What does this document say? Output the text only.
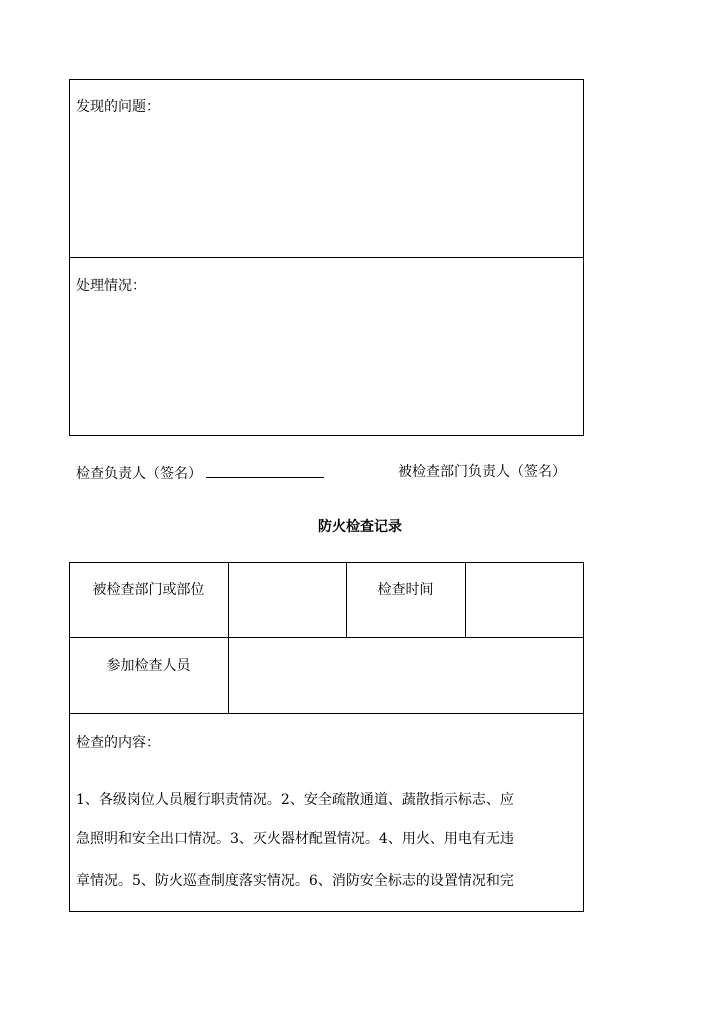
发现的问题：
处理情况：
检查负责人（签名）	被检查部门负责人（签名）
防火检查记录
被检查部门或部位	检查时间
参加检查人员
检查的内容：
1、各级岗位人员履行职责情况。2、安全疏散通道、蔬散指示标志、应
急照明和安全出口情况。3、灭火器材配置情况。4、用火、用电有无违
章情况。5、防火巡查制度落实情况。6、消防安全标志的设置情况和完
